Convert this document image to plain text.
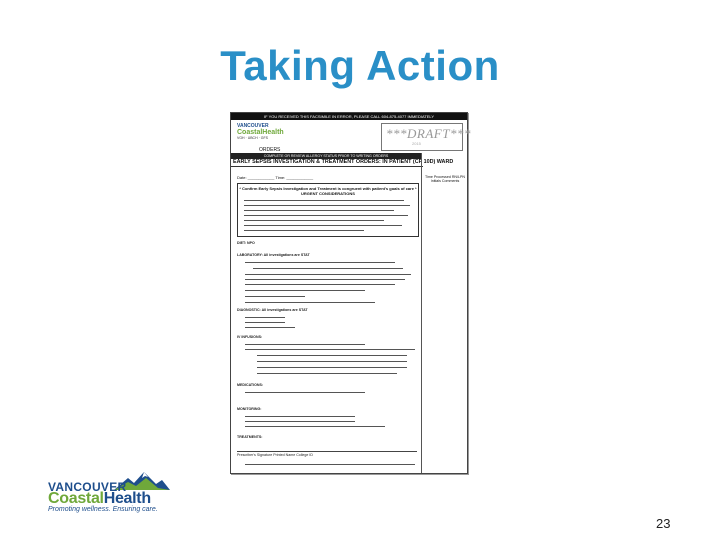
Taking Action
IF YOU RECEIVED THIS FACSIMILE IN ERROR, PLEASE CALL 604-875-4077 IMMEDIATELY
VANCOUVER
CoastalHealth
VGH · UBCH · GFS	***DRAFT***
2015
ORDERS
COMPLETE OR REVIEW ALLERGY STATUS PRIOR TO WRITING ORDERS
EARLY SEPSIS INVESTIGATION & TREATMENT ORDERS: IN PATIENT (CP 10D) WARD
Time Processed RN/LPN Initials Comments
Date: ____________ Time: ____________
* Confirm Early Sepsis Investigation and Treatment is congruent with patient's goals of care *
URGENT CONSIDERATIONS
DIET: NPO
LABORATORY: All investigations are STAT
DIAGNOSTIC: All investigations are STAT
IV INFUSIONS:
MEDICATIONS:
MONITORING:
TREATMENTS:
Prescriber's Signature Printed Name College ID
VANCOUVER
CoastalHealth
Promoting wellness. Ensuring care.
23
